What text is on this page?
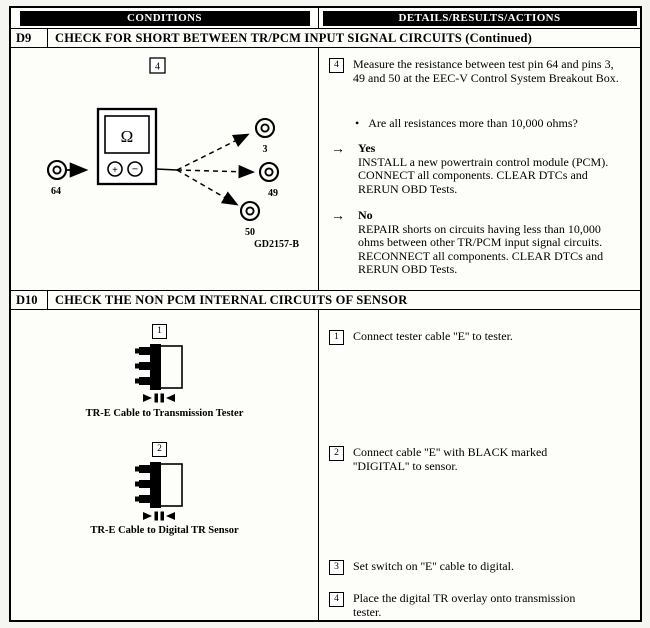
CONDITIONS	DETAILS/RESULTS/ACTIONS
D9	CHECK FOR SHORT BETWEEN TR/PCM INPUT SIGNAL CIRCUITS (Continued)
4
64
Ω
+ −
3
49
50
GD2157-B
4	Measure the resistance between test pin 64 and pins 3, 49 and 50 at the EEC-V Control System Breakout Box.
• Are all resistances more than 10,000 ohms?
→	Yes
INSTALL a new powertrain control module (PCM). CONNECT all components. CLEAR DTCs and RERUN OBD Tests.
→	No
REPAIR shorts on circuits having less than 10,000 ohms between other TR/PCM input signal circuits. RECONNECT all components. CLEAR DTCs and RERUN OBD Tests.
D10	CHECK THE NON PCM INTERNAL CIRCUITS OF SENSOR
1
TR-E Cable to Transmission Tester
2
TR-E Cable to Digital TR Sensor
1	Connect tester cable ''E'' to tester.
2	Connect cable ''E'' with BLACK marked ''DIGITAL'' to sensor.
3	Set switch on ''E'' cable to digital.
4	Place the digital TR overlay onto transmission tester.
